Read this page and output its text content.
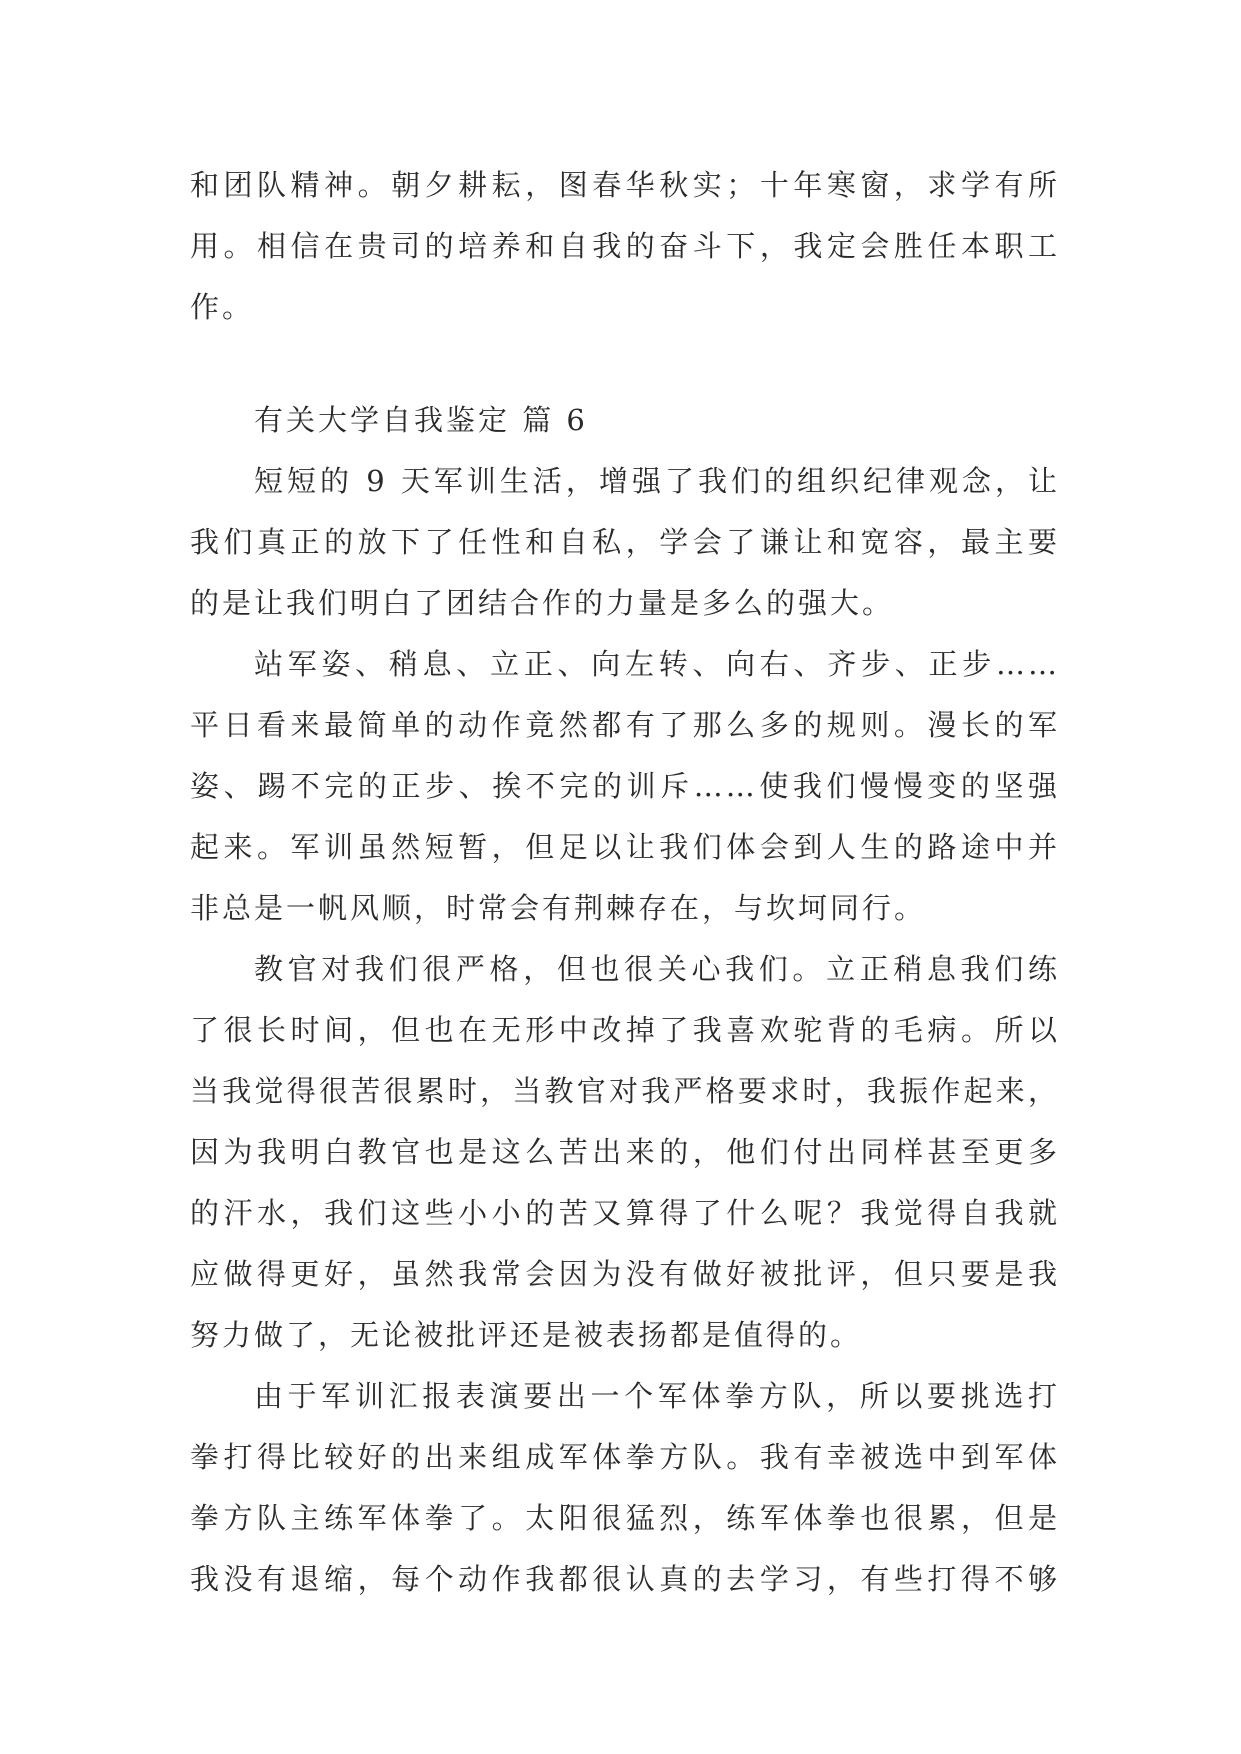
和团队精神。朝夕耕耘，图春华秋实；十年寒窗，求学有所
用。相信在贵司的培养和自我的奋斗下，我定会胜任本职工
作。
有关大学自我鉴定 篇 6
短短的 9 天军训生活，增强了我们的组织纪律观念，让
我们真正的放下了任性和自私，学会了谦让和宽容，最主要
的是让我们明白了团结合作的力量是多么的强大。
站军姿、稍息、立正、向左转、向右、齐步、正步……
平日看来最简单的动作竟然都有了那么多的规则。漫长的军
姿、踢不完的正步、挨不完的训斥……使我们慢慢变的坚强
起来。军训虽然短暂，但足以让我们体会到人生的路途中并
非总是一帆风顺，时常会有荆棘存在，与坎坷同行。
教官对我们很严格，但也很关心我们。立正稍息我们练
了很长时间，但也在无形中改掉了我喜欢驼背的毛病。所以
当我觉得很苦很累时，当教官对我严格要求时，我振作起来，
因为我明白教官也是这么苦出来的，他们付出同样甚至更多
的汗水，我们这些小小的苦又算得了什么呢？我觉得自我就
应做得更好，虽然我常会因为没有做好被批评，但只要是我
努力做了，无论被批评还是被表扬都是值得的。
由于军训汇报表演要出一个军体拳方队，所以要挑选打
拳打得比较好的出来组成军体拳方队。我有幸被选中到军体
拳方队主练军体拳了。太阳很猛烈，练军体拳也很累，但是
我没有退缩，每个动作我都很认真的去学习，有些打得不够
